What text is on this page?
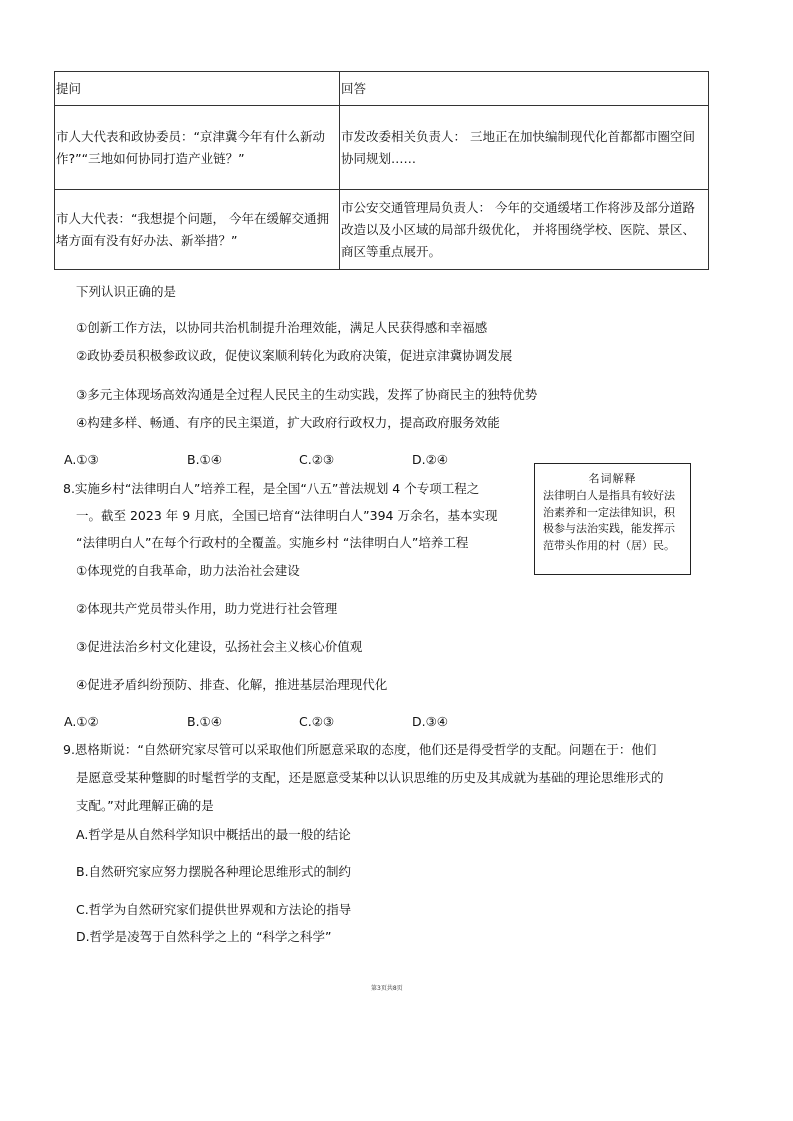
提问	回答

市人大代表和政协委员：“京津冀今年有什么新动作?”“三地如何协同打造产业链？”	市发改委相关负责人： 三地正在加快编制现代化首都都市圈空间协同规划……

市人大代表：“我想提个问题， 今年在缓解交通拥堵方面有没有好办法、新举措？”	市公安交通管理局负责人： 今年的交通缓堵工作将涉及部分道路改造以及小区域的局部升级优化， 并将围绕学校、医院、景区、商区等重点展开。
下列认识正确的是
①创新工作方法，以协同共治机制提升治理效能，满足人民获得感和幸福感
②政协委员积极参政议政，促使议案顺利转化为政府决策，促进京津冀协调发展
③多元主体现场高效沟通是全过程人民民主的生动实践，发挥了协商民主的独特优势
④构建多样、畅通、有序的民主渠道，扩大政府行政权力，提高政府服务效能
A.①③	B.①④	C.②③	D.②④
8.实施乡村“法律明白人”培养工程，是全国“八五”普法规划 4 个专项工程之
一。截至 2023 年 9 月底，全国已培育“法律明白人”394 万余名，基本实现
“法律明白人”在每个行政村的全覆盖。实施乡村 “法律明白人”培养工程
①体现党的自我革命，助力法治社会建设
②体现共产党员带头作用，助力党进行社会管理
③促进法治乡村文化建设，弘扬社会主义核心价值观
④促进矛盾纠纷预防、排查、化解，推进基层治理现代化
名词解释
法律明白人是指具有较好法治素养和一定法律知识，积极参与法治实践，能发挥示范带头作用的村（居）民。
A.①②	B.①④	C.②③	D.③④
9.恩格斯说：“自然研究家尽管可以采取他们所愿意采取的态度，他们还是得受哲学的支配。问题在于：他们
是愿意受某种蹩脚的时髦哲学的支配，还是愿意受某种以认识思维的历史及其成就为基础的理论思维形式的
支配。”对此理解正确的是
A.哲学是从自然科学知识中概括出的最一般的结论
B.自然研究家应努力摆脱各种理论思维形式的制约
C.哲学为自然研究家们提供世界观和方法论的指导
D.哲学是凌驾于自然科学之上的 “科学之科学”
第3页共8页
